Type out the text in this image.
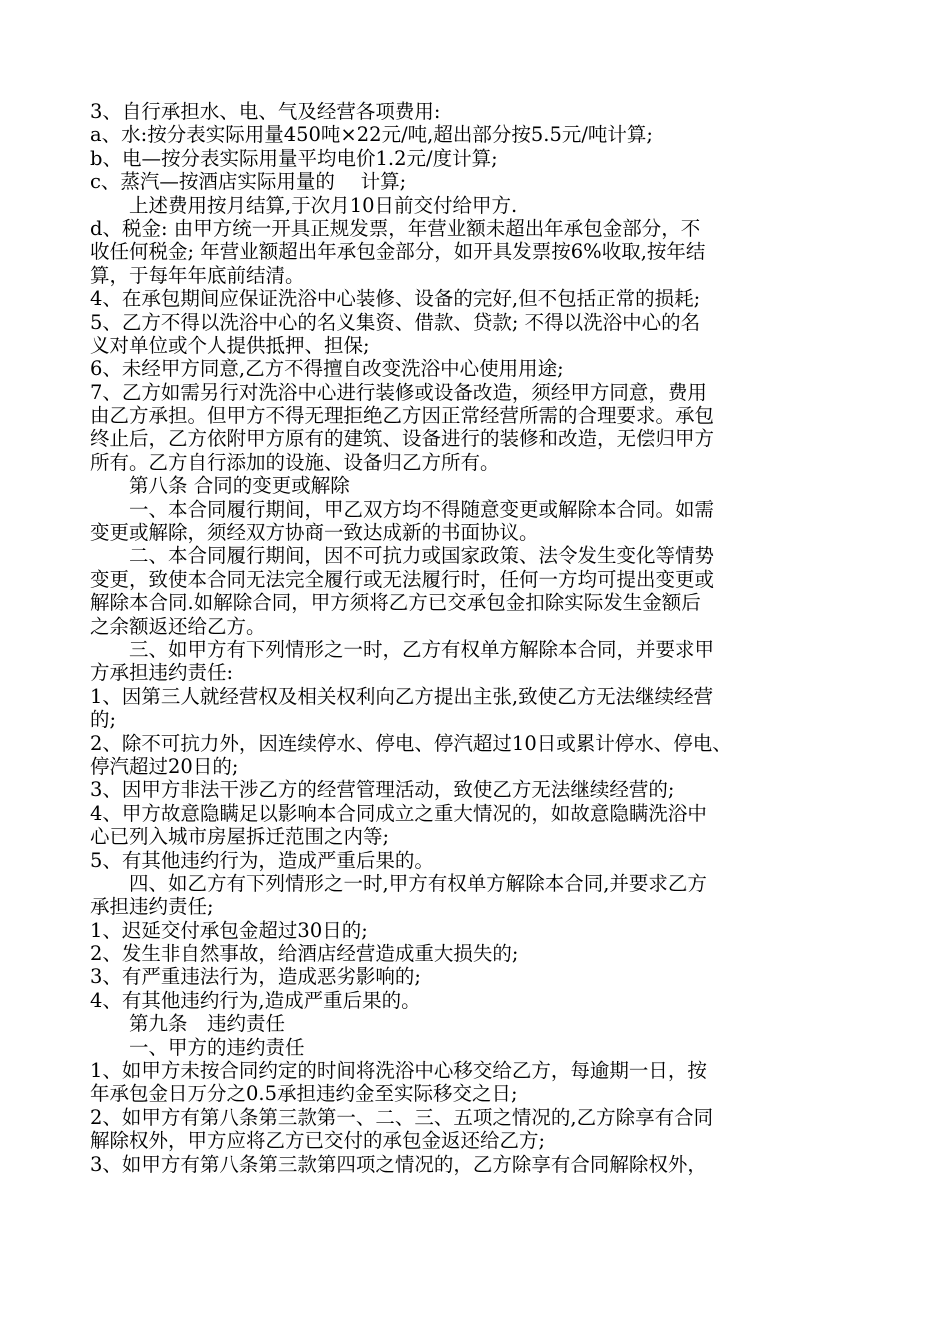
3、自行承担水、电、气及经营各项费用:
a、水:按分表实际用量450吨×22元/吨,超出部分按5.5元/吨计算;
b、电—按分表实际用量平均电价1.2元/度计算;
c、蒸汽—按酒店实际用量的　 计算;
　　上述费用按月结算,于次月10日前交付给甲方.
d、税金: 由甲方统一开具正规发票，年营业额未超出年承包金部分，不
收任何税金; 年营业额超出年承包金部分，如开具发票按6%收取,按年结
算，于每年年底前结清。
4、在承包期间应保证洗浴中心装修、设备的完好,但不包括正常的损耗;
5、乙方不得以洗浴中心的名义集资、借款、贷款; 不得以洗浴中心的名
义对单位或个人提供抵押、担保;
6、未经甲方同意,乙方不得擅自改变洗浴中心使用用途;
7、乙方如需另行对洗浴中心进行装修或设备改造，须经甲方同意，费用
由乙方承担。但甲方不得无理拒绝乙方因正常经营所需的合理要求。承包
终止后，乙方依附甲方原有的建筑、设备进行的装修和改造，无偿归甲方
所有。乙方自行添加的设施、设备归乙方所有。
　　第八条 合同的变更或解除
　　一、本合同履行期间，甲乙双方均不得随意变更或解除本合同。如需
变更或解除，须经双方协商一致达成新的书面协议。
　　二、本合同履行期间，因不可抗力或国家政策、法令发生变化等情势
变更，致使本合同无法完全履行或无法履行时，任何一方均可提出变更或
解除本合同.如解除合同，甲方须将乙方已交承包金扣除实际发生金额后
之余额返还给乙方。
　　三、如甲方有下列情形之一时，乙方有权单方解除本合同，并要求甲
方承担违约责任:
1、因第三人就经营权及相关权利向乙方提出主张,致使乙方无法继续经营
的;
2、除不可抗力外，因连续停水、停电、停汽超过10日或累计停水、停电、
停汽超过20日的;
3、因甲方非法干涉乙方的经营管理活动，致使乙方无法继续经营的;
4、甲方故意隐瞒足以影响本合同成立之重大情况的，如故意隐瞒洗浴中
心已列入城市房屋拆迁范围之内等;
5、有其他违约行为，造成严重后果的。
　　四、如乙方有下列情形之一时,甲方有权单方解除本合同,并要求乙方
承担违约责任;
1、迟延交付承包金超过30日的;
2、发生非自然事故，给酒店经营造成重大损失的;
3、有严重违法行为，造成恶劣影响的;
4、有其他违约行为,造成严重后果的。
　　第九条　违约责任
　　一、甲方的违约责任
1、如甲方未按合同约定的时间将洗浴中心移交给乙方，每逾期一日，按
年承包金日万分之0.5承担违约金至实际移交之日;
2、如甲方有第八条第三款第一、二、三、五项之情况的,乙方除享有合同
解除权外，甲方应将乙方已交付的承包金返还给乙方;
3、如甲方有第八条第三款第四项之情况的，乙方除享有合同解除权外，
